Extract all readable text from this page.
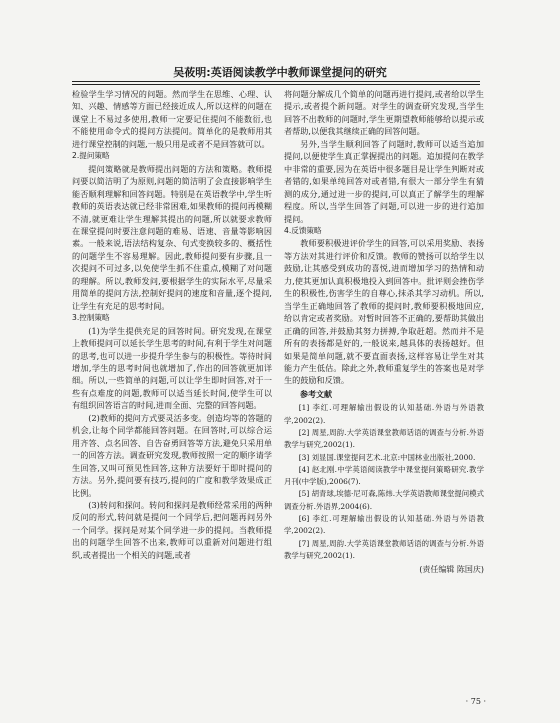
吴莜明:英语阅读教学中教师课堂提问的研究

检验学生学习情况的问题。然而学生在思维、心理、认知、兴趣、情感等方面已经接近成人,所以这样的问题在课堂上不易过多使用,教师一定要记住提问不能数衍,也不能使用命令式的提问方法提问。简单化的是教师用其进行课堂控制的问题,一般只用是或者不是回答就可以。

2.提问策略

提问策略就是教师提出问题的方法和策略。教师提问要以简洁明了为原则,问题的简洁明了会直接影响学生能否顺利理解和回答问题。特别是在英语教学中,学生听教师的英语表达就已经非常困难,如果教师的提问再模糊不清,就更难让学生理解其提出的问题,所以就要求教师在课堂提问时要注意问题的难易、语速、音量等影响因素。一般来说,语法结构复杂、句式变换较多的、概括性的问题学生不容易理解。因此,教师提问要有步骤,且一次提问不可过多,以免使学生抓不住重点,模糊了对问题的理解。所以,教师发问,要根据学生的实际水平,尽量采用简单的提问方法,控制好提问的速度和音量,逐个提问,让学生有充足的思考时间。

3.控制策略

(1)为学生提供充足的回答时间。研究发现,在课堂上教师提问可以延长学生思考的时间,有利于学生对问题的思考,也可以进一步提升学生参与的积极性。等待时间增加,学生的思考时间也就增加了,作出的回答就更加详细。所以,一些简单的问题,可以让学生即时回答,对于一些有点难度的问题,教师可以适当延长时间,使学生可以有组织回答语言的时间,进而全面、完整的回答问题。

(2)教师的提问方式要灵活多变。创造均等的答题的机会,让每个同学都能回答问题。在回答时,可以综合运用齐答、点名回答、自告奋勇回答等方法,避免只采用单一的回答方法。调查研究发现,教师按照一定的顺序请学生回答,又叫可预见性回答,这种方法要好于即时提问的方法。另外,提问要有技巧,提问的广度和教学效果成正比例。

(3)转问和探问。转问和探问是教师经常采用的两种反问的形式,转问就是提问一个同学后,把问题再问另外一个同学。探问是对某个同学进一步的提问。当教师提出的问题学生回答不出来,教师可以重新对问题进行组织,或者提出一个相关的问题,或者

将问题分解成几个简单的问题再进行提问,或者给以学生提示,或者提个新问题。对学生的调查研究发现,当学生回答不出教师的问题时,学生更期望教师能够给以提示或者帮助,以便我其继续正确的回答问题。

另外,当学生顺利回答了问题时,教师可以适当追加提问,以便使学生真正掌握提出的问题。追加提问在教学中非常的重要,因为在英语中很多题目是让学生判断对或者错的,如果单纯回答对或者错,有很大一部分学生有猜测的成分,通过进一步的提问,可以真正了解学生的理解程度。所以,当学生回答了问题,可以进一步的进行追加提问。

4.反馈策略

教师要积极进评价学生的回答,可以采用奖励、表扬等方法对其进行评价和反馈。教师的赞扬可以给学生以鼓励,让其感受到成功的喜悦,进而增加学习的热情和动力,使其更加认真积极地投入到回答中。批评则会挫伤学生的积极性,伤害学生的自尊心,抹杀其学习动机。所以,当学生正确地回答了教师的提问时,教师要积极地回应,给以肯定或者奖励。对暂时回答不正确的,要帮助其做出正确的回答,并鼓励其努力拼搏,争取赶超。然而并不是所有的表扬都是好的,一般说来,越具体的表扬越好。但如果是简单问题,就不要直面表扬,这样容易让学生对其能力产生低估。除此之外,教师重复学生的答案也是对学生的鼓励和反馈。

参考文献

[1] 李红.可理解输出假设的认知基础.外语与外语教学,2002(2).

[2] 周星,周韵.大学英语课堂教师话语的调查与分析.外语教学与研究,2002(1).

[3] 刘显国.课堂提问艺术.北京:中国林业出版社,2000.

[4] 赵北刚.中学英语阅读教学中课堂提问策略研究.教学月刊(中学版),2006(7).

[5] 胡青球,埃德·尼可森,陈炜.大学英语教师课堂提问模式调查分析.外语界,2004(6).

[6] 李红.可理解输出假设的认知基础.外语与外语教学,2002(2).

[7] 周星,周韵.大学英语课堂教师话语的调查与分析.外语教学与研究,2002(1).

(责任编辑 陈国庆)

· 75 ·
